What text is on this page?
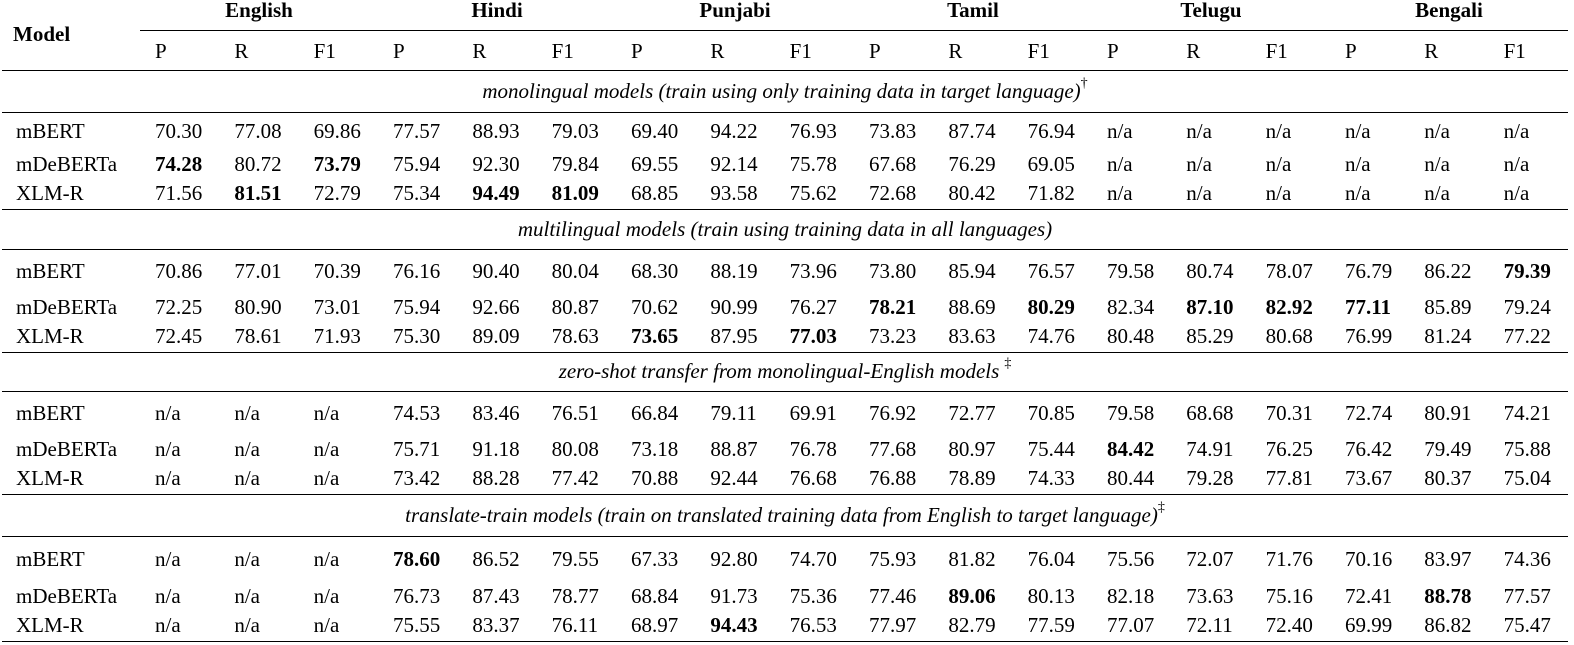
Model	English			Hindi			Punjabi			Tamil			Telugu			Bengali		
	P	R	F1	P	R	F1	P	R	F1	P	R	F1	P	R	F1	P	R	F1
monolingual models (train using only training data in target language)†
mBERT	70.30	77.08	69.86	77.57	88.93	79.03	69.40	94.22	76.93	73.83	87.74	76.94	n/a	n/a	n/a	n/a	n/a	n/a
mDeBERTa	74.28	80.72	73.79	75.94	92.30	79.84	69.55	92.14	75.78	67.68	76.29	69.05	n/a	n/a	n/a	n/a	n/a	n/a
XLM-R	71.56	81.51	72.79	75.34	94.49	81.09	68.85	93.58	75.62	72.68	80.42	71.82	n/a	n/a	n/a	n/a	n/a	n/a
multilingual models (train using training data in all languages)																		
mBERT	70.86	77.01	70.39	76.16	90.40	80.04	68.30	88.19	73.96	73.80	85.94	76.57	79.58	80.74	78.07	76.79	86.22	79.39
mDeBERTa	72.25	80.90	73.01	75.94	92.66	80.87	70.62	90.99	76.27	78.21	88.69	80.29	82.34	87.10	82.92	77.11	85.89	79.24
XLM-R	72.45	78.61	71.93	75.30	89.09	78.63	73.65	87.95	77.03	73.23	83.63	74.76	80.48	85.29	80.68	76.99	81.24	77.22
zero-shot transfer from monolingual-English models ‡
mBERT	n/a	n/a	n/a	74.53	83.46	76.51	66.84	79.11	69.91	76.92	72.77	70.85	79.58	68.68	70.31	72.74	80.91	74.21
mDeBERTa	n/a	n/a	n/a	75.71	91.18	80.08	73.18	88.87	76.78	77.68	80.97	75.44	84.42	74.91	76.25	76.42	79.49	75.88
XLM-R	n/a	n/a	n/a	73.42	88.28	77.42	70.88	92.44	76.68	76.88	78.89	74.33	80.44	79.28	77.81	73.67	80.37	75.04
translate-train models (train on translated training data from English to target language)‡
mBERT	n/a	n/a	n/a	78.60	86.52	79.55	67.33	92.80	74.70	75.93	81.82	76.04	75.56	72.07	71.76	70.16	83.97	74.36
mDeBERTa	n/a	n/a	n/a	76.73	87.43	78.77	68.84	91.73	75.36	77.46	89.06	80.13	82.18	73.63	75.16	72.41	88.78	77.57
XLM-R	n/a	n/a	n/a	75.55	83.37	76.11	68.97	94.43	76.53	77.97	82.79	77.59	77.07	72.11	72.40	69.99	86.82	75.47
